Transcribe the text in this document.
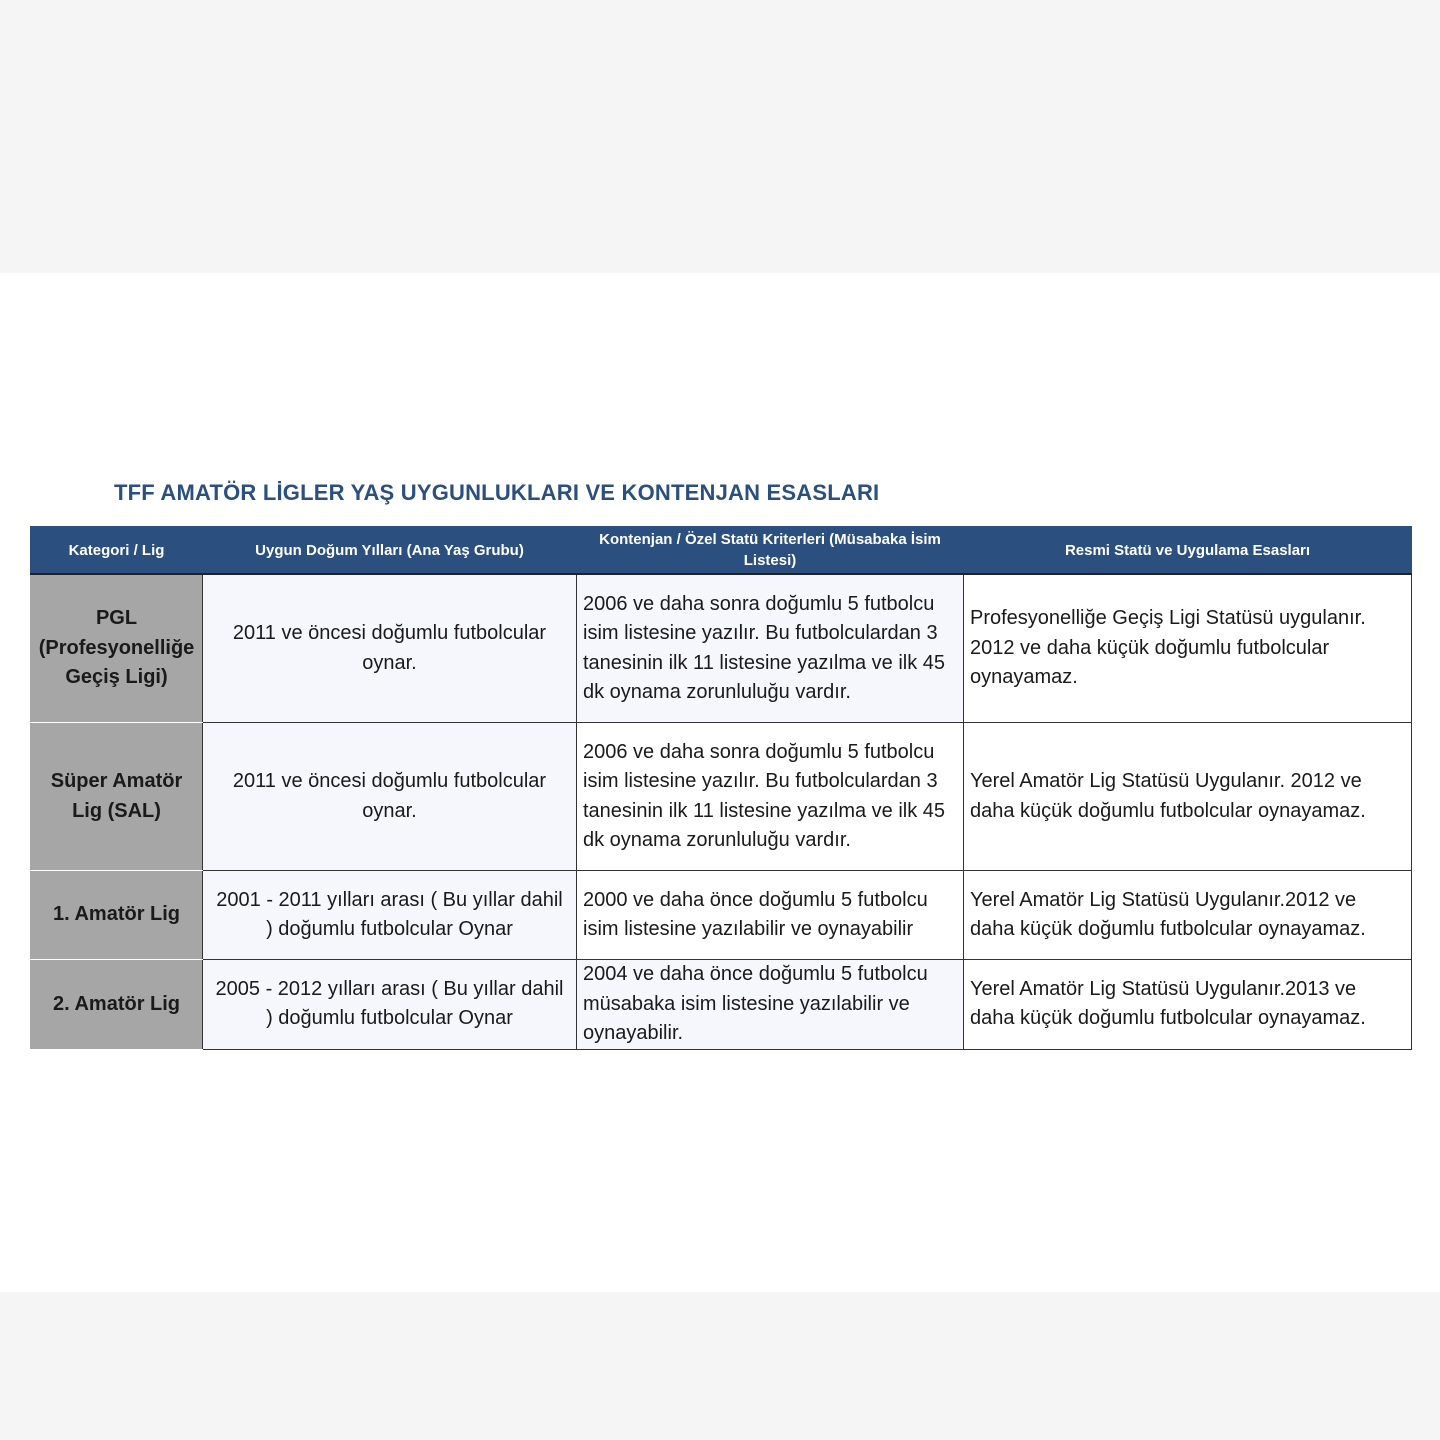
TFF AMATÖR LİGLER YAŞ UYGUNLUKLARI VE KONTENJAN ESASLARI
Kategori / Lig	Uygun Doğum Yılları (Ana Yaş Grubu)	Kontenjan / Özel Statü Kriterleri (Müsabaka İsim Listesi)	Resmi Statü ve Uygulama Esasları
PGL
(Profesyonelliğe
Geçiş Ligi)	2011 ve öncesi doğumlu futbolcular oynar.	2006 ve daha sonra doğumlu 5 futbolcu isim listesine yazılır. Bu futbolculardan 3 tanesinin ilk 11 listesine yazılma ve ilk 45 dk oynama zorunluluğu vardır.	Profesyonelliğe Geçiş Ligi Statüsü uygulanır. 2012 ve daha küçük doğumlu futbolcular oynayamaz.
Süper Amatör
Lig (SAL)	2011 ve öncesi doğumlu futbolcular oynar.	2006 ve daha sonra doğumlu 5 futbolcu isim listesine yazılır. Bu futbolculardan 3 tanesinin ilk 11 listesine yazılma ve ilk 45 dk oynama zorunluluğu vardır.	Yerel Amatör Lig Statüsü Uygulanır. 2012 ve daha küçük doğumlu futbolcular oynayamaz.
1. Amatör Lig	2001 - 2011 yılları arası ( Bu yıllar dahil ) doğumlu futbolcular Oynar	2000 ve daha önce doğumlu 5 futbolcu isim listesine yazılabilir ve oynayabilir	Yerel Amatör Lig Statüsü Uygulanır.2012 ve daha küçük doğumlu futbolcular oynayamaz.
2. Amatör Lig	2005 - 2012 yılları arası ( Bu yıllar dahil ) doğumlu futbolcular Oynar	2004 ve daha önce doğumlu 5 futbolcu müsabaka isim listesine yazılabilir ve oynayabilir.	Yerel Amatör Lig Statüsü Uygulanır.2013 ve daha küçük doğumlu futbolcular oynayamaz.
